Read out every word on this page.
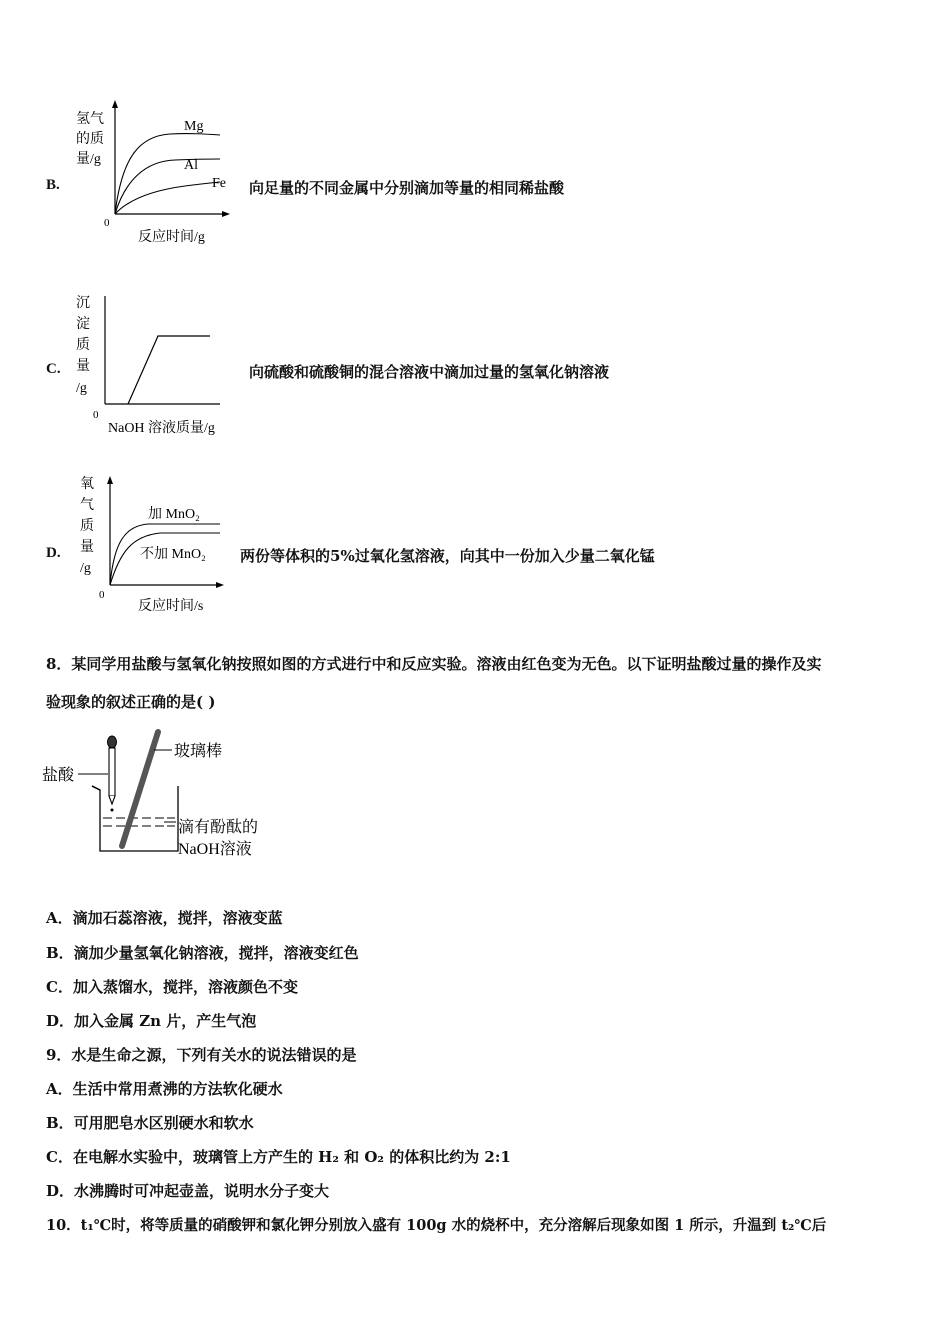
B.
Mg
Al
Fe
氢气
的质
量/g
0
反应时间/g
向足量的不同金属中分别滴加等量的相同稀盐酸
C.
沉
淀
质
量
/g
0
NaOH 溶液质量/g
向硫酸和硫酸铜的混合溶液中滴加过量的氢氧化钠溶液
D.
加 MnO₂
不加 MnO₂
氧
气
质
量
/g
0
反应时间/s
两份等体积的5%过氧化氢溶液，向其中一份加入少量二氧化锰
8．某同学用盐酸与氢氧化钠按照如图的方式进行中和反应实验。溶液由红色变为无色。以下证明盐酸过量的操作及实
验现象的叙述正确的是( )
盐酸
玻璃棒
滴有酚酞的
NaOH溶液
A．滴加石蕊溶液，搅拌，溶液变蓝
B．滴加少量氢氧化钠溶液，搅拌，溶液变红色
C．加入蒸馏水，搅拌，溶液颜色不变
D．加入金属 Zn 片，产生气泡
9．水是生命之源，下列有关水的说法错误的是
A．生活中常用煮沸的方法软化硬水
B．可用肥皂水区别硬水和软水
C．在电解水实验中，玻璃管上方产生的 H₂ 和 O₂ 的体积比约为 2:1
D．水沸腾时可冲起壶盖，说明水分子变大
10．t₁℃时，将等质量的硝酸钾和氯化钾分别放入盛有 100g 水的烧杯中，充分溶解后现象如图 1 所示，升温到 t₂℃后
